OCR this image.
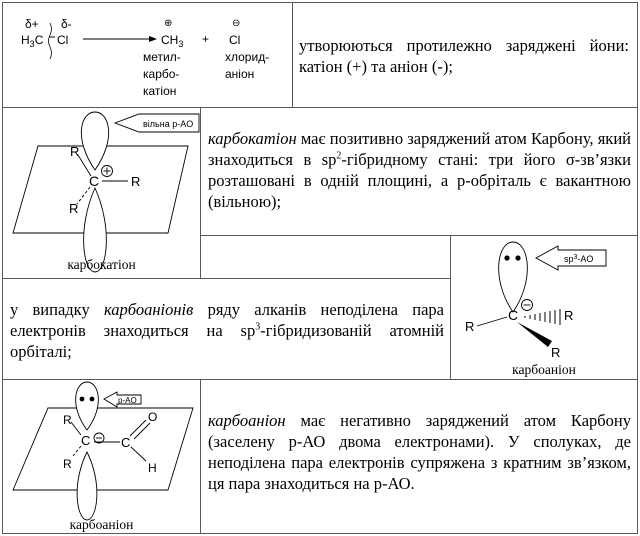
δ+ δ-
$H_3C$ Cl
⊕
$CH_3$ +
⊖
Cl
метил-
карбо-
катіон
хлорид-
аніон
утворюються протилежно заряджені йони: катіон (+) та аніон (-);
вільна p-AO
R
R
R
C
карбокатіон
карбокатіон має позитивно заряджений атом Карбону, який знаходиться в $sp^2$-гібридному стані: три його σ-зв’язки розташовані в одній площині, а р-обріталь є вакантною (вільною);
$sp^3-AO$
C
R
R
R
карбоаніон
у випадку карбоаніонів ряду алканів неподілена пара електронів знаходиться на $sp^3$-гібридизованій атомній орбіталі;
p-AO
C
R
R
C
O
H
карбоаніон
карбоаніон має негативно заряджений атом Карбону (заселену р-АО двома електронами). У сполуках, де неподілена пара електронів супряжена з кратним зв’язком, ця пара знаходиться на р-АО.
